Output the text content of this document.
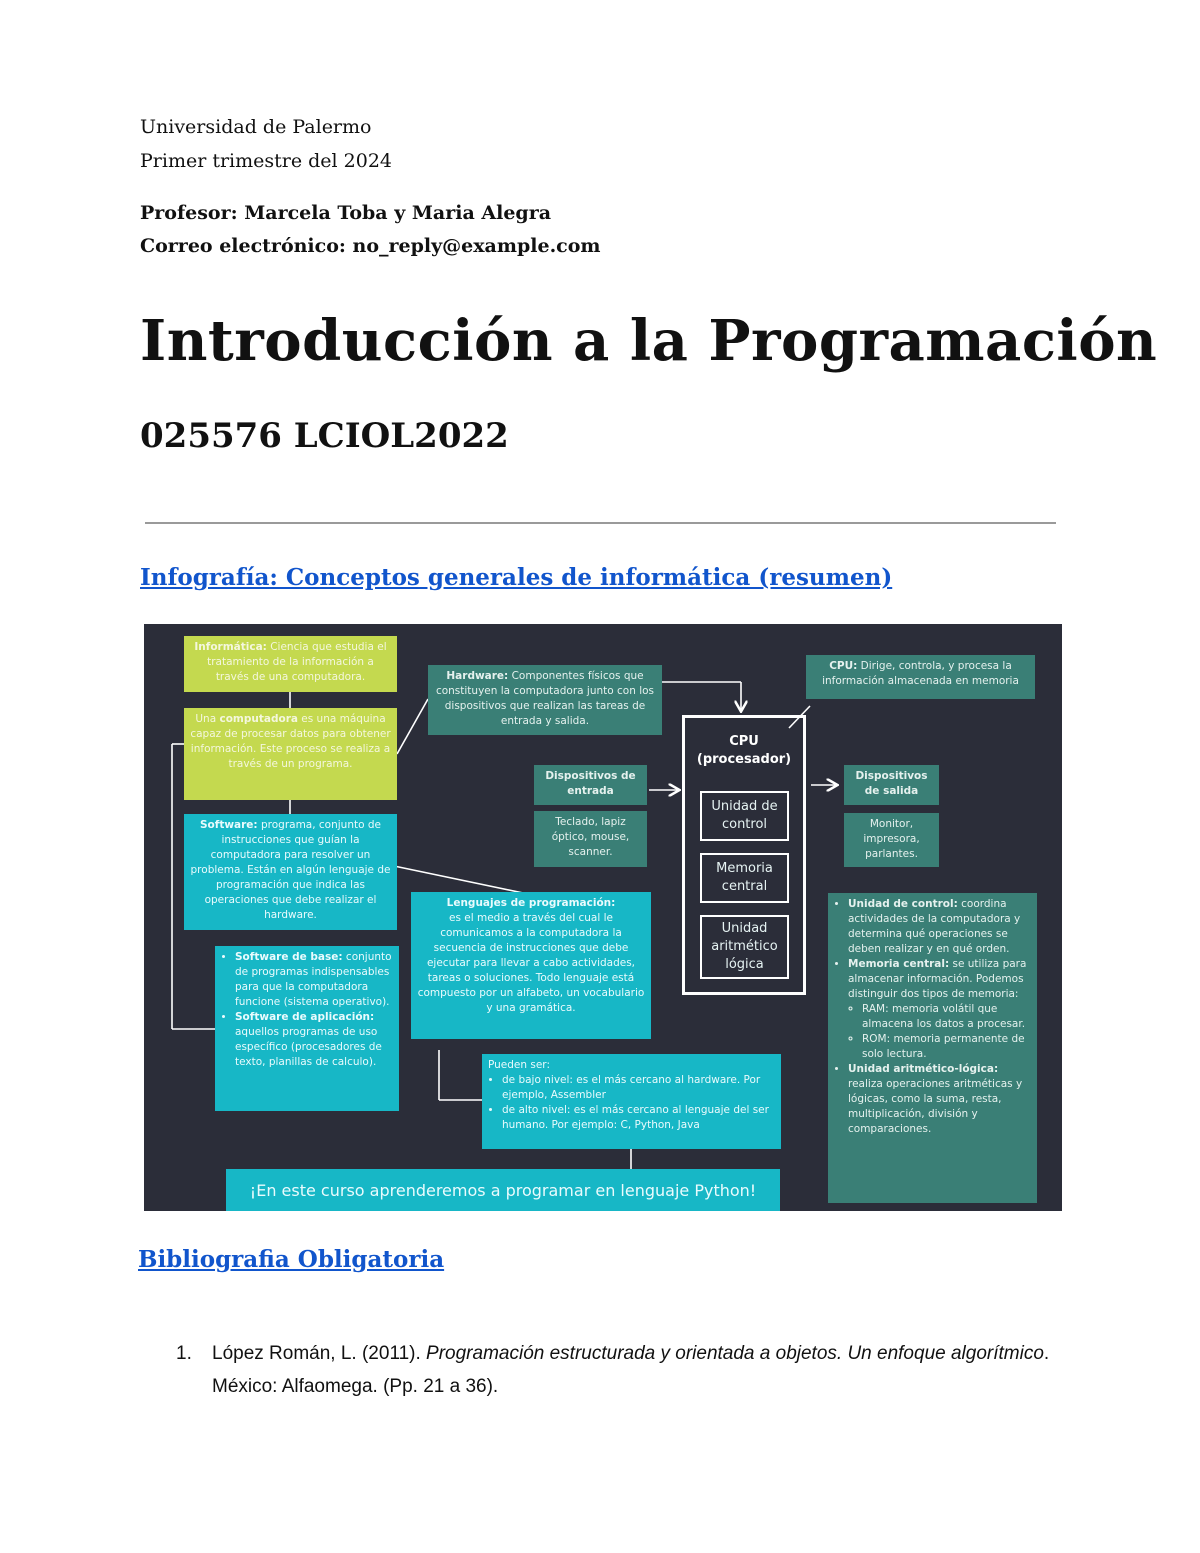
Universidad de Palermo
Primer trimestre del 2024
Profesor: Marcela Toba y Maria Alegra
Correo electrónico: no_reply@example.com
Introducción a la Programación
025576 LCIOL2022
Infografía: Conceptos generales de informática (resumen)
Informática: Ciencia que estudia el tratamiento de la información a través de una computadora.
Una computadora es una máquina capaz de procesar datos para obtener información. Este proceso se realiza a través de un programa.
Hardware: Componentes físicos que constituyen la computadora junto con los dispositivos que realizan las tareas de entrada y salida.
CPU: Dirige, controla, y procesa la información almacenada en memoria
CPU
(procesador)
Unidad de control
Memoria central
Unidad aritmético lógica
Dispositivos de entrada
Teclado, lapiz óptico, mouse, scanner.
Dispositivos de salida
Monitor, impresora, parlantes.
Software: programa, conjunto de instrucciones que guían la computadora para resolver un problema. Están en algún lenguaje de programación que indica las operaciones que debe realizar el hardware.
• Software de base: conjunto de programas indispensables para que la computadora funcione (sistema operativo).
• Software de aplicación: aquellos programas de uso específico (procesadores de texto, planillas de calculo).
Lenguajes de programación:
es el medio a través del cual le comunicamos a la computadora la secuencia de instrucciones que debe ejecutar para llevar a cabo actividades, tareas o soluciones. Todo lenguaje está compuesto por un alfabeto, un vocabulario y una gramática.
Pueden ser:
• de bajo nivel: es el más cercano al hardware. Por ejemplo, Assembler
• de alto nivel: es el más cercano al lenguaje del ser humano. Por ejemplo: C, Python, Java
• Unidad de control: coordina actividades de la computadora y determina qué operaciones se deben realizar y en qué orden.
• Memoria central: se utiliza para almacenar información. Podemos distinguir dos tipos de memoria:
◦ RAM: memoria volátil que almacena los datos a procesar.
◦ ROM: memoria permanente de solo lectura.
• Unidad aritmético-lógica: realiza operaciones aritméticas y lógicas, como la suma, resta, multiplicación, división y comparaciones.
¡En este curso aprenderemos a programar en lenguaje Python!
Bibliografia Obligatoria
1. López Román, L. (2011). Programación estructurada y orientada a objetos. Un enfoque algorítmico. México: Alfaomega. (Pp. 21 a 36).
